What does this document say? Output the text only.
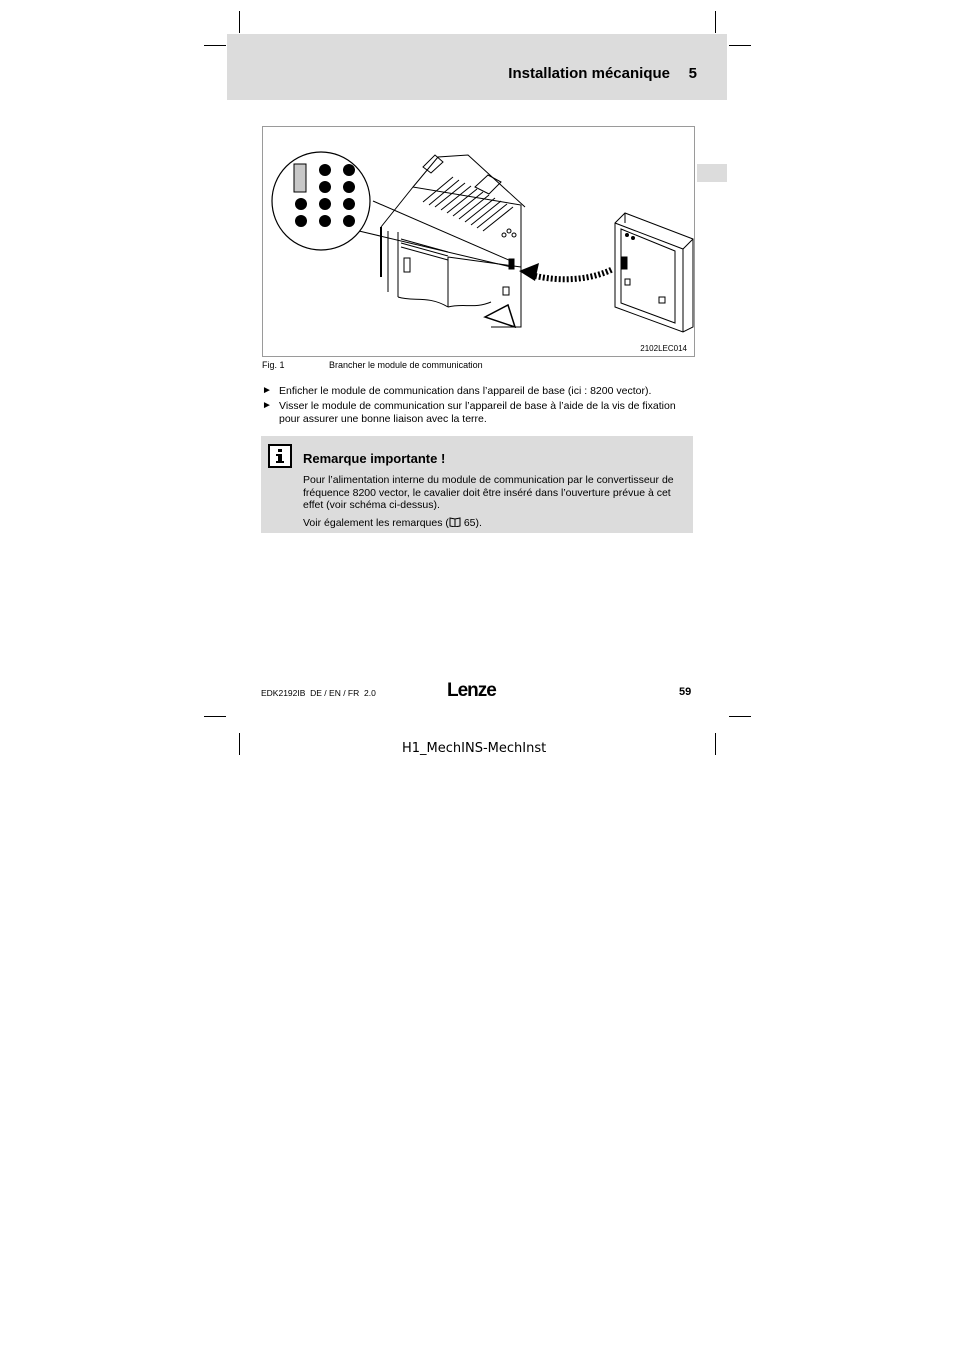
Installation mécanique 5
2102LEC014
Fig. 1	Brancher le module de communication
► Enficher le module de communication dans l’appareil de base (ici : 8200 vector).
► Visser le module de communication sur l’appareil de base à l’aide de la vis de fixation pour assurer une bonne liaison avec la terre.
Remarque importante !

Pour l’alimentation interne du module de communication par le convertisseur de fréquence 8200 vector, le cavalier doit être inséré dans l’ouverture prévue à cet effet (voir schéma ci-dessus).

Voir également les remarques ( 65).

EDK2192IB  DE / EN / FR  2.0	Lenze	59
H1_MechINS-MechInst
